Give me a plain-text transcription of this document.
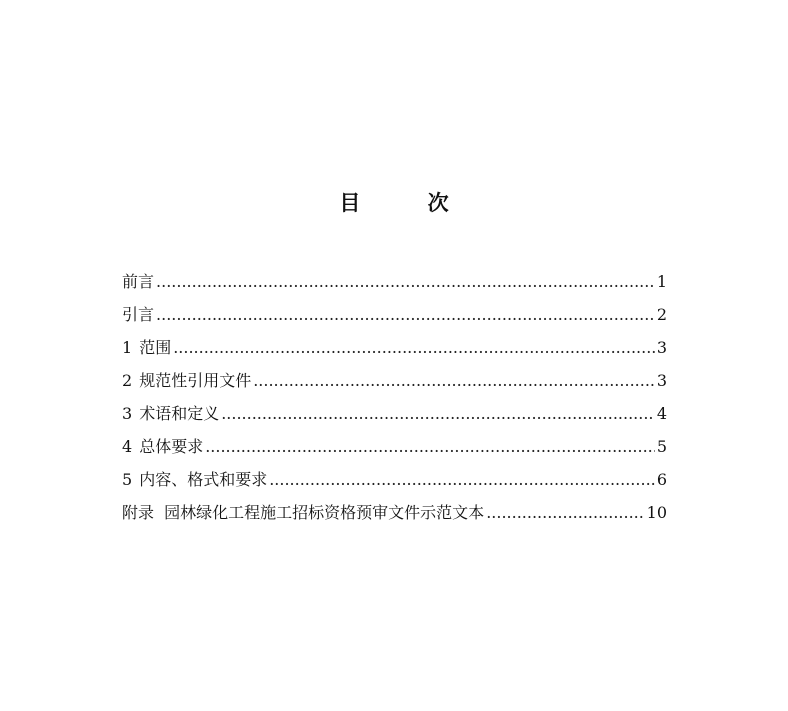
目 次
前言 .....	1
引言 .....	2
1 范围 .....	3
2 规范性引用文件 .....	3
3 术语和定义 .....	4
4 总体要求 .....	5
5 内容、格式和要求 .....	6
附录  园林绿化工程施工招标资格预审文件示范文本 .....	10
